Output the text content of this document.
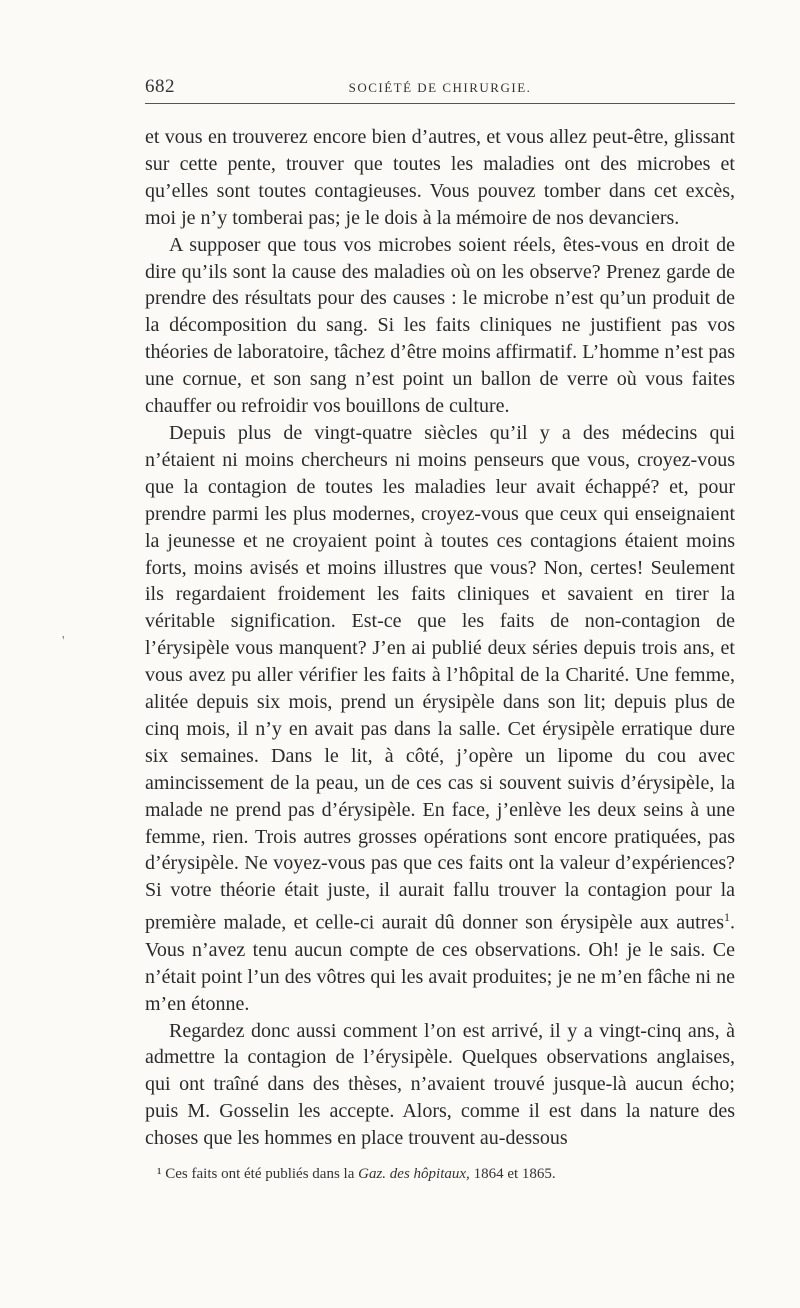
682	SOCIÉTÉ DE CHIRURGIE.
'

et vous en trouverez encore bien d’autres, et vous allez peut-être, glissant sur cette pente, trouver que toutes les maladies ont des microbes et qu’elles sont toutes contagieuses. Vous pouvez tomber dans cet excès, moi je n’y tomberai pas; je le dois à la mémoire de nos devanciers.

A supposer que tous vos microbes soient réels, êtes-vous en droit de dire qu’ils sont la cause des maladies où on les observe? Prenez garde de prendre des résultats pour des causes : le microbe n’est qu’un produit de la décomposition du sang. Si les faits cliniques ne justifient pas vos théories de laboratoire, tâchez d’être moins affirmatif. L’homme n’est pas une cornue, et son sang n’est point un ballon de verre où vous faites chauffer ou refroidir vos bouillons de culture.

Depuis plus de vingt-quatre siècles qu’il y a des médecins qui n’étaient ni moins chercheurs ni moins penseurs que vous, croyez-vous que la contagion de toutes les maladies leur avait échappé? et, pour prendre parmi les plus modernes, croyez-vous que ceux qui enseignaient la jeunesse et ne croyaient point à toutes ces contagions étaient moins forts, moins avisés et moins illustres que vous? Non, certes! Seulement ils regardaient froidement les faits cliniques et savaient en tirer la véritable signification. Est-ce que les faits de non-contagion de l’érysipèle vous manquent? J’en ai publié deux séries depuis trois ans, et vous avez pu aller vérifier les faits à l’hôpital de la Charité. Une femme, alitée depuis six mois, prend un érysipèle dans son lit; depuis plus de cinq mois, il n’y en avait pas dans la salle. Cet érysipèle erratique dure six semaines. Dans le lit, à côté, j’opère un lipome du cou avec amincissement de la peau, un de ces cas si souvent suivis d’érysipèle, la malade ne prend pas d’érysipèle. En face, j’enlève les deux seins à une femme, rien. Trois autres grosses opérations sont encore pratiquées, pas d’érysipèle. Ne voyez-vous pas que ces faits ont la valeur d’expériences? Si votre théorie était juste, il aurait fallu trouver la contagion pour la première malade, et celle-ci aurait dû donner son érysipèle aux autres$^1$. Vous n’avez tenu aucun compte de ces observations. Oh! je le sais. Ce n’était point l’un des vôtres qui les avait produites; je ne m’en fâche ni ne m’en étonne.

Regardez donc aussi comment l’on est arrivé, il y a vingt-cinq ans, à admettre la contagion de l’érysipèle. Quelques observations anglaises, qui ont traîné dans des thèses, n’avaient trouvé jusque-là aucun écho; puis M. Gosselin les accepte. Alors, comme il est dans la nature des choses que les hommes en place trouvent au-dessous

¹ Ces faits ont été publiés dans la Gaz. des hôpitaux, 1864 et 1865.
